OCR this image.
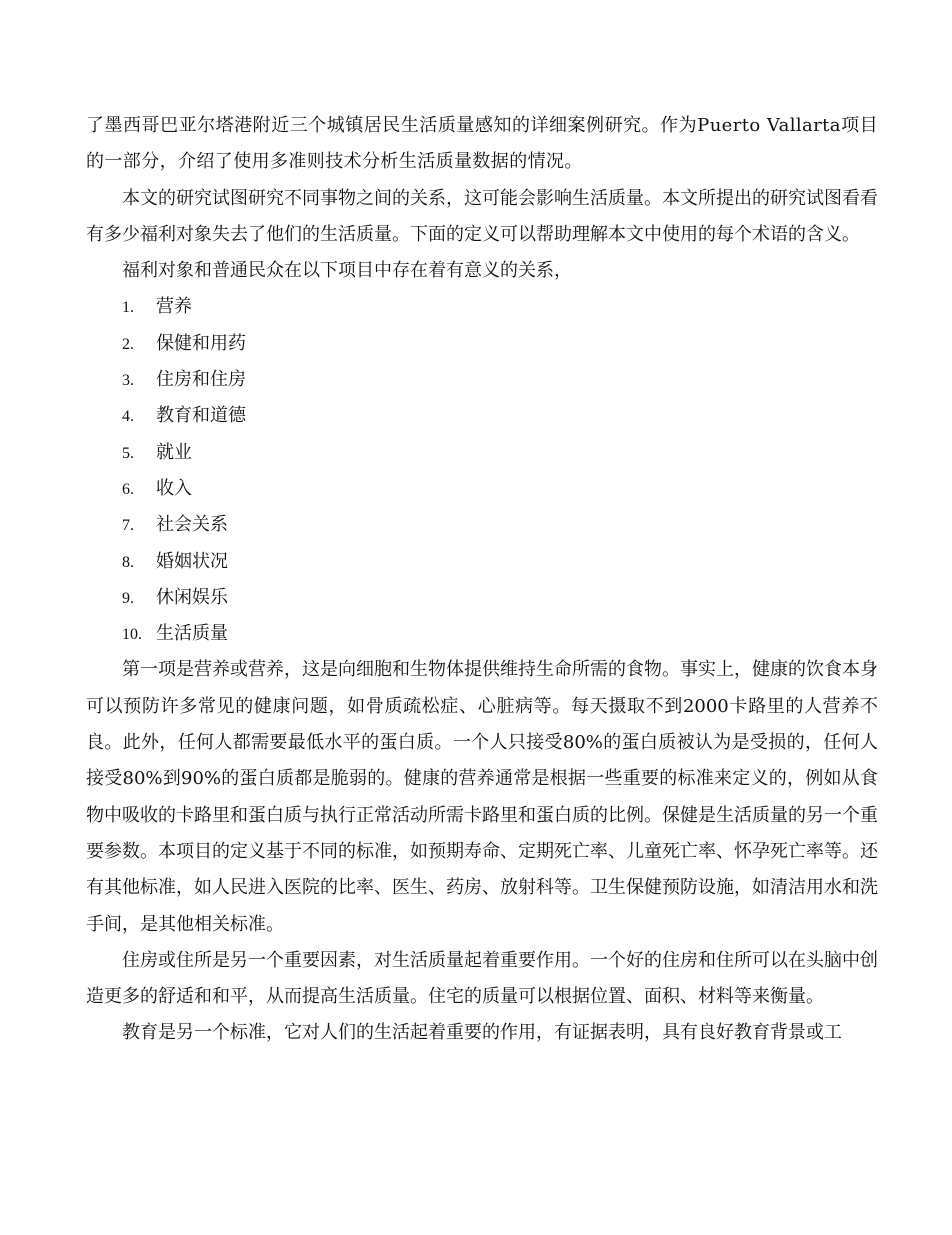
了墨西哥巴亚尔塔港附近三个城镇居民生活质量感知的详细案例研究。作为Puerto Vallarta项目的一部分，介绍了使用多准则技术分析生活质量数据的情况。

本文的研究试图研究不同事物之间的关系，这可能会影响生活质量。本文所提出的研究试图看看有多少福利对象失去了他们的生活质量。下面的定义可以帮助理解本文中使用的每个术语的含义。

福利对象和普通民众在以下项目中存在着有意义的关系，

1.	营养
2.	保健和用药
3.	住房和住房
4.	教育和道德
5.	就业
6.	收入
7.	社会关系
8.	婚姻状况
9.	休闲娱乐
10. 生活质量

第一项是营养或营养，这是向细胞和生物体提供维持生命所需的食物。事实上，健康的饮食本身可以预防许多常见的健康问题，如骨质疏松症、心脏病等。每天摄取不到2000卡路里的人营养不良。此外，任何人都需要最低水平的蛋白质。一个人只接受80%的蛋白质被认为是受损的，任何人接受80%到90%的蛋白质都是脆弱的。健康的营养通常是根据一些重要的标准来定义的，例如从食物中吸收的卡路里和蛋白质与执行正常活动所需卡路里和蛋白质的比例。保健是生活质量的另一个重要参数。本项目的定义基于不同的标准，如预期寿命、定期死亡率、儿童死亡率、怀孕死亡率等。还有其他标准，如人民进入医院的比率、医生、药房、放射科等。卫生保健预防设施，如清洁用水和洗手间，是其他相关标准。

住房或住所是另一个重要因素，对生活质量起着重要作用。一个好的住房和住所可以在头脑中创造更多的舒适和和平，从而提高生活质量。住宅的质量可以根据位置、面积、材料等来衡量。

教育是另一个标准，它对人们的生活起着重要的作用，有证据表明，具有良好教育背景或工
